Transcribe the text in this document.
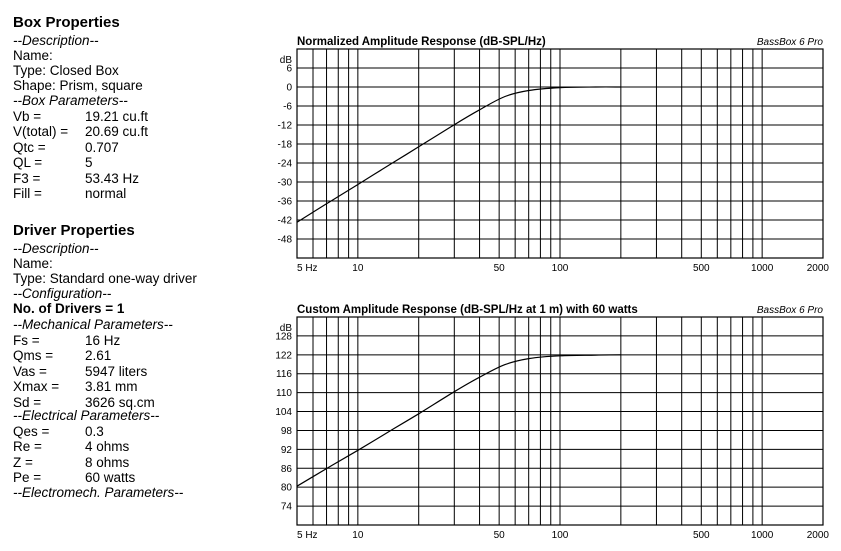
Box Properties
--Description--
Name:
Type: Closed Box
Shape: Prism, square
--Box Parameters--
Vb =	19.21 cu.ft
V(total) = 20.69 cu.ft
Qtc =	0.707
QL =	5
F3 =	53.43 Hz
Fill =	normal
Driver Properties
--Description--
Name:
Type: Standard one-way driver
--Configuration--
No. of Drivers = 1
--Mechanical Parameters--
Fs =	16 Hz
Qms = 2.61
Vas =	5947 liters
Xmax = 3.81 mm
Sd =	3626 sq.cm
--Electrical Parameters--
Qes =	0.3
Re =	4 ohms
Z =	8 ohms
Pe =	60 watts
--Electromech. Parameters--
Normalized Amplitude Response (dB-SPL/Hz)	BassBox 6 Pro
dB
6
0
-6
-12
-18
-24
-30
-36
-42
-48
5 Hz	10	50	100	500	1000	2000
Custom Amplitude Response (dB-SPL/Hz at 1 m) with 60 watts	BassBox 6 Pro
dB
128
122
116
110
104
98
92
86
80
74
5 Hz	10	50	100	500	1000	2000
